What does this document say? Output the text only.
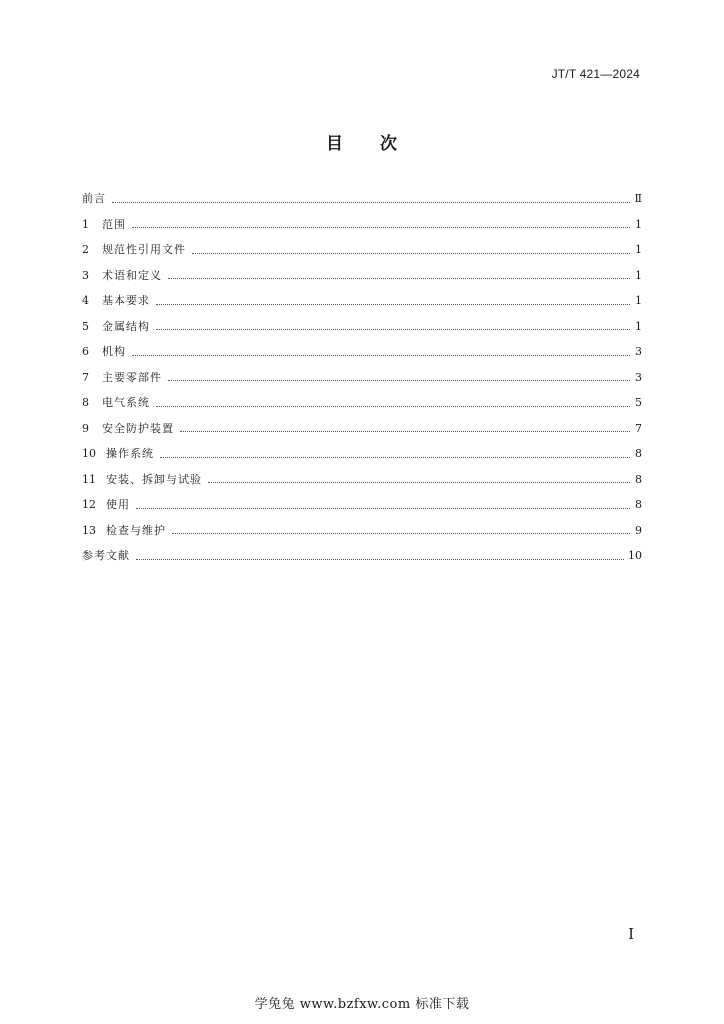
JT/T 421—2024
目 次
前言	Ⅱ
1	范围	1
2	规范性引用文件	1
3	术语和定义	1
4	基本要求	1
5	金属结构	1
6	机构	3
7	主要零部件	3
8	电气系统	5
9	安全防护装置	7
10 操作系统	8
11 安装、拆卸与试验	8
12 使用	8
13 检查与维护	9
参考文献	10
Ⅰ
学兔兔 www.bzfxw.com 标准下载
